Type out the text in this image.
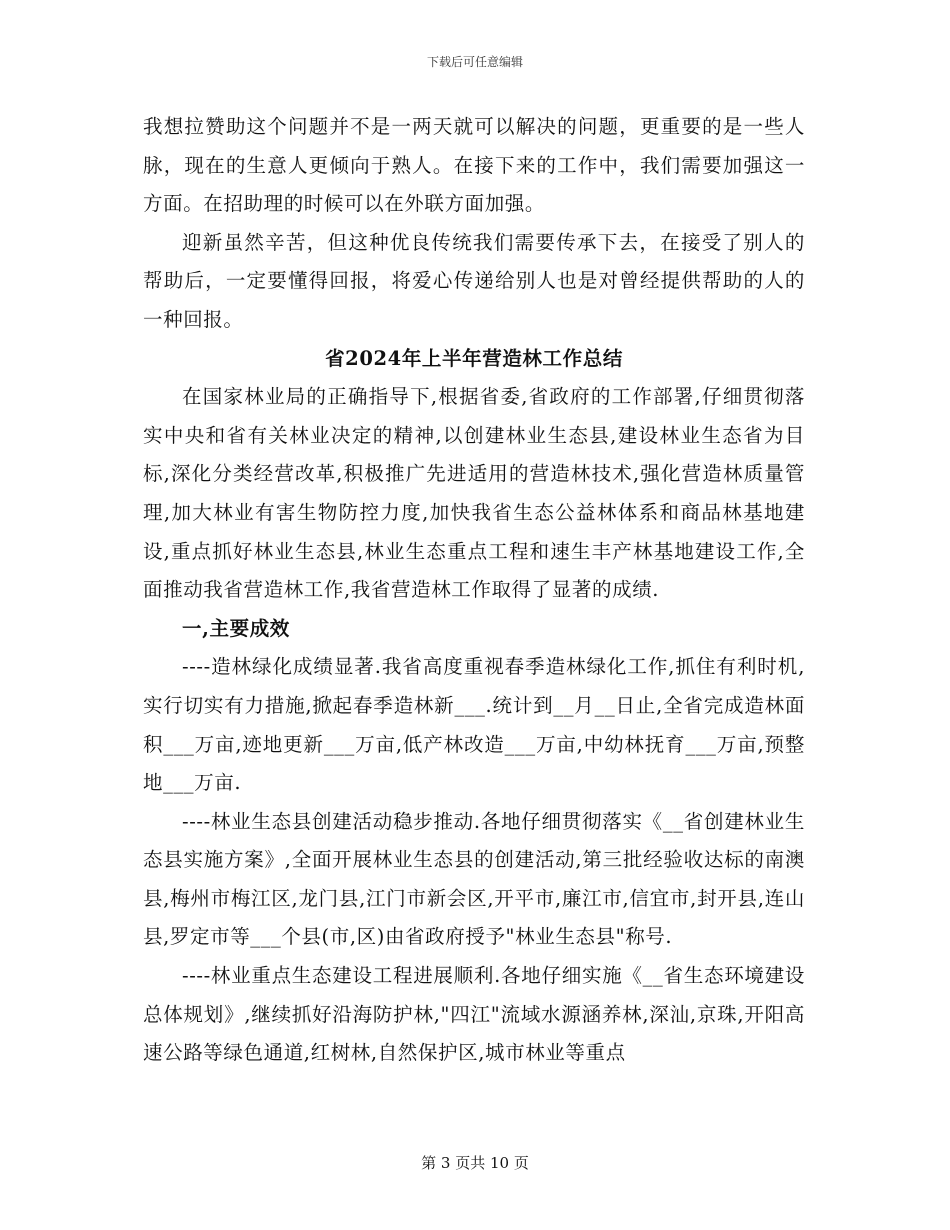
下载后可任意编辑

我想拉赞助这个问题并不是一两天就可以解决的问题，更重要的是一些人脉，现在的生意人更倾向于熟人。在接下来的工作中，我们需要加强这一方面。在招助理的时候可以在外联方面加强。

迎新虽然辛苦，但这种优良传统我们需要传承下去，在接受了别人的帮助后，一定要懂得回报，将爱心传递给别人也是对曾经提供帮助的人的一种回报。

省2024年上半年营造林工作总结

在国家林业局的正确指导下,根据省委,省政府的工作部署,仔细贯彻落实中央和省有关林业决定的精神,以创建林业生态县,建设林业生态省为目标,深化分类经营改革,积极推广先进适用的营造林技术,强化营造林质量管理,加大林业有害生物防控力度,加快我省生态公益林体系和商品林基地建设,重点抓好林业生态县,林业生态重点工程和速生丰产林基地建设工作,全面推动我省营造林工作,我省营造林工作取得了显著的成绩.

一,主要成效

----造林绿化成绩显著.我省高度重视春季造林绿化工作,抓住有利时机,实行切实有力措施,掀起春季造林新___.统计到__月__日止,全省完成造林面积___万亩,迹地更新___万亩,低产林改造___万亩,中幼林抚育___万亩,预整地___万亩.

----林业生态县创建活动稳步推动.各地仔细贯彻落实《__省创建林业生态县实施方案》,全面开展林业生态县的创建活动,第三批经验收达标的南澳县,梅州市梅江区,龙门县,江门市新会区,开平市,廉江市,信宜市,封开县,连山县,罗定市等___个县(市,区)由省政府授予"林业生态县"称号.

----林业重点生态建设工程进展顺利.各地仔细实施《__省生态环境建设总体规划》,继续抓好沿海防护林,"四江"流域水源涵养林,深汕,京珠,开阳高速公路等绿色通道,红树林,自然保护区,城市林业等重点

第 3 页共 10 页
